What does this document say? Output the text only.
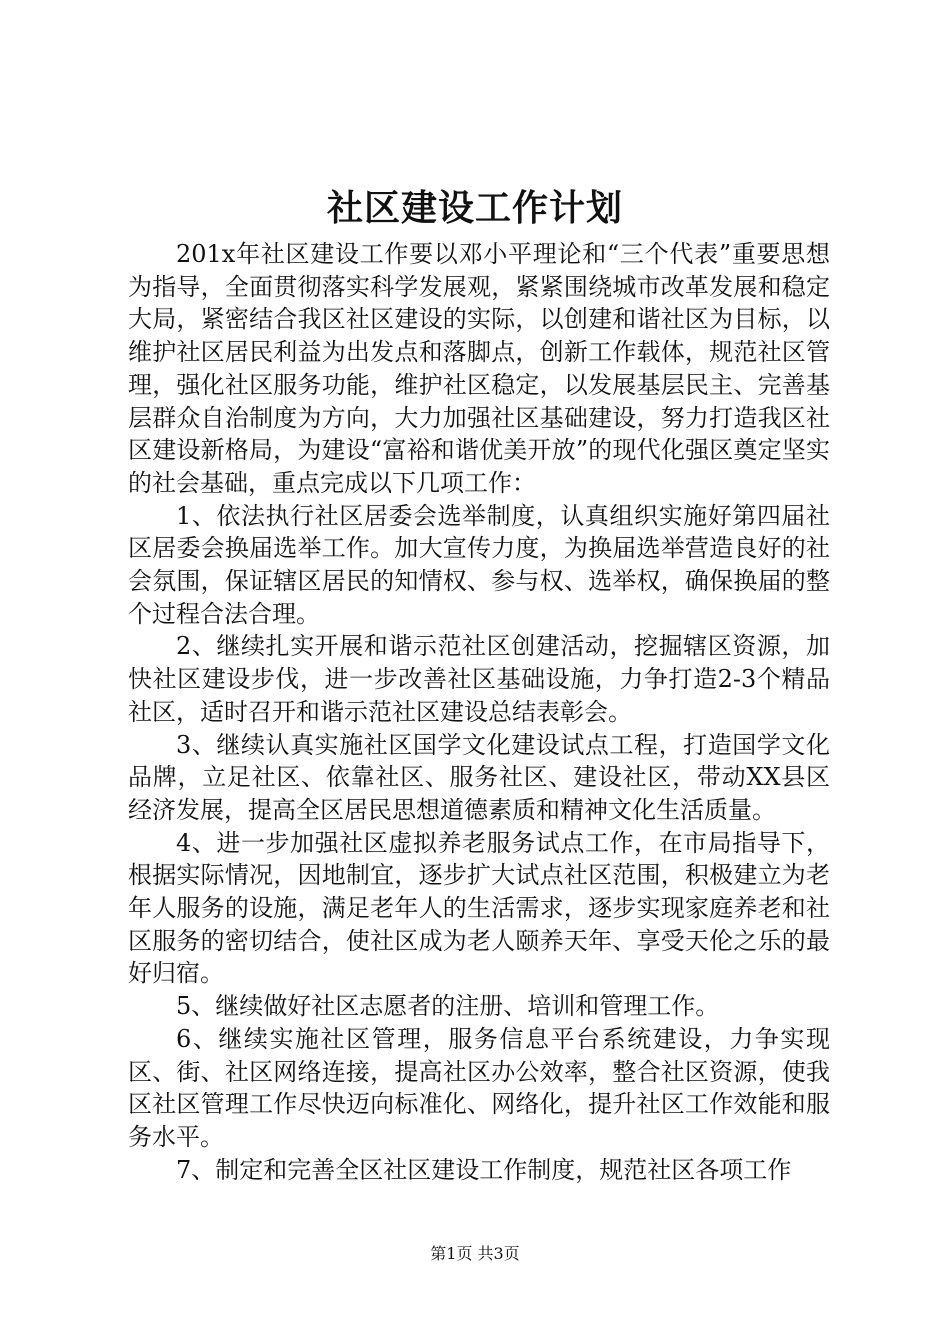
社区建设工作计划

201x年社区建设工作要以邓小平理论和“三个代表”重要思想为指导，全面贯彻落实科学发展观，紧紧围绕城市改革发展和稳定大局，紧密结合我区社区建设的实际，以创建和谐社区为目标，以维护社区居民利益为出发点和落脚点，创新工作载体，规范社区管理，强化社区服务功能，维护社区稳定，以发展基层民主、完善基层群众自治制度为方向，大力加强社区基础建设，努力打造我区社区建设新格局，为建设“富裕和谐优美开放”的现代化强区奠定坚实的社会基础，重点完成以下几项工作：

1、依法执行社区居委会选举制度，认真组织实施好第四届社区居委会换届选举工作。加大宣传力度，为换届选举营造良好的社会氛围，保证辖区居民的知情权、参与权、选举权，确保换届的整个过程合法合理。

2、继续扎实开展和谐示范社区创建活动，挖掘辖区资源，加快社区建设步伐，进一步改善社区基础设施，力争打造2-3个精品社区，适时召开和谐示范社区建设总结表彰会。

3、继续认真实施社区国学文化建设试点工程，打造国学文化品牌，立足社区、依靠社区、服务社区、建设社区，带动XX县区经济发展，提高全区居民思想道德素质和精神文化生活质量。

4、进一步加强社区虚拟养老服务试点工作，在市局指导下，根据实际情况，因地制宜，逐步扩大试点社区范围，积极建立为老年人服务的设施，满足老年人的生活需求，逐步实现家庭养老和社区服务的密切结合，使社区成为老人颐养天年、享受天伦之乐的最好归宿。

5、继续做好社区志愿者的注册、培训和管理工作。

6、继续实施社区管理，服务信息平台系统建设，力争实现区、街、社区网络连接，提高社区办公效率，整合社区资源，使我区社区管理工作尽快迈向标准化、网络化，提升社区工作效能和服务水平。

7、制定和完善全区社区建设工作制度，规范社区各项工作

第1页 共3页
